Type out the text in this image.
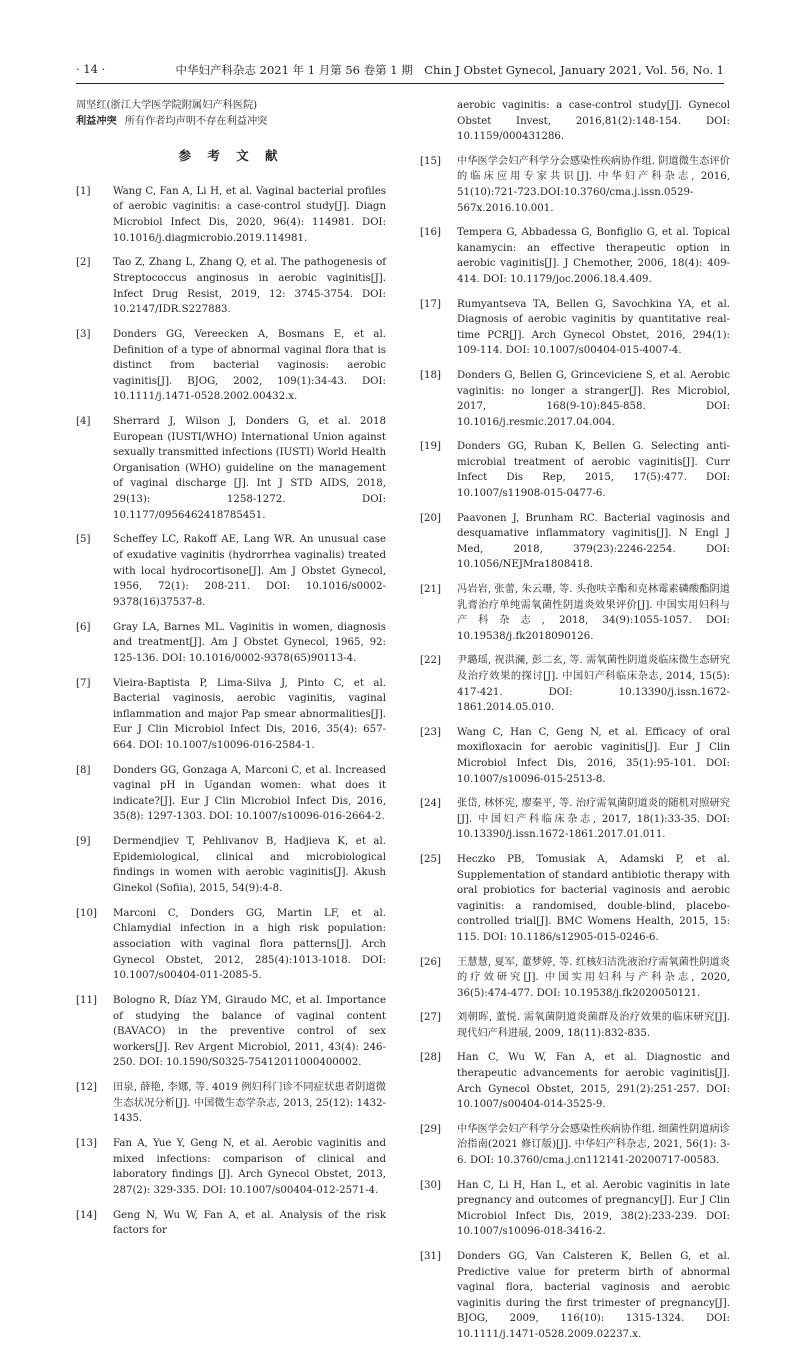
· 14 ·	中华妇产科杂志 2021 年 1 月第 56 卷第 1 期　Chin J Obstet Gynecol, January 2021, Vol. 56, No. 1

周坚红(浙江大学医学院附属妇产科医院)

利益冲突 所有作者均声明不存在利益冲突

参 考 文 献
[1] Wang C, Fan A, Li H, et al. Vaginal bacterial profiles of aerobic vaginitis: a case-control study[J]. Diagn Microbiol Infect Dis, 2020, 96(4): 114981. DOI: 10.1016/j.diagmicrobio.2019.114981.
[2] Tao Z, Zhang L, Zhang Q, et al. The pathogenesis of Streptococcus anginosus in aerobic vaginitis[J]. Infect Drug Resist, 2019, 12: 3745-3754. DOI: 10.2147/IDR.S227883.
[3] Donders GG, Vereecken A, Bosmans E, et al. Definition of a type of abnormal vaginal flora that is distinct from bacterial vaginosis: aerobic vaginitis[J]. BJOG, 2002, 109(1):34-43. DOI: 10.1111/j.1471-0528.2002.00432.x.
[4] Sherrard J, Wilson J, Donders G, et al. 2018 European (IUSTI/WHO) International Union against sexually transmitted infections (IUSTI) World Health Organisation (WHO) guideline on the management of vaginal discharge [J]. Int J STD AIDS, 2018, 29(13): 1258-1272. DOI: 10.1177/0956462418785451.
[5] Scheffey LC, Rakoff AE, Lang WR. An unusual case of exudative vaginitis (hydrorrhea vaginalis) treated with local hydrocortisone[J]. Am J Obstet Gynecol, 1956, 72(1): 208-211. DOI: 10.1016/s0002-9378(16)37537-8.
[6] Gray LA, Barnes ML. Vaginitis in women, diagnosis and treatment[J]. Am J Obstet Gynecol, 1965, 92: 125-136. DOI: 10.1016/0002-9378(65)90113-4.
[7] Vieira-Baptista P, Lima-Silva J, Pinto C, et al. Bacterial vaginosis, aerobic vaginitis, vaginal inflammation and major Pap smear abnormalities[J]. Eur J Clin Microbiol Infect Dis, 2016, 35(4): 657-664. DOI: 10.1007/s10096-016-2584-1.
[8] Donders GG, Gonzaga A, Marconi C, et al. Increased vaginal pH in Ugandan women: what does it indicate?[J]. Eur J Clin Microbiol Infect Dis, 2016, 35(8): 1297-1303. DOI: 10.1007/s10096-016-2664-2.
[9] Dermendjiev T, Pehlivanov B, Hadjieva K, et al. Epidemiological, clinical and microbiological findings in women with aerobic vaginitis[J]. Akush Ginekol (Sofiia), 2015, 54(9):4-8.
[10] Marconi C, Donders GG, Martin LF, et al. Chlamydial infection in a high risk population: association with vaginal flora patterns[J]. Arch Gynecol Obstet, 2012, 285(4):1013-1018. DOI: 10.1007/s00404-011-2085-5.
[11] Bologno R, Díaz YM, Giraudo MC, et al. Importance of studying the balance of vaginal content (BAVACO) in the preventive control of sex workers[J]. Rev Argent Microbiol, 2011, 43(4): 246-250. DOI: 10.1590/S0325-75412011000400002.
[12] 田泉, 薛艳, 李娜, 等. 4019 例妇科门诊不同症状患者阴道微生态状况分析[J]. 中国微生态学杂志, 2013, 25(12): 1432-1435.
[13] Fan A, Yue Y, Geng N, et al. Aerobic vaginitis and mixed infections: comparison of clinical and laboratory findings [J]. Arch Gynecol Obstet, 2013, 287(2): 329-335. DOI: 10.1007/s00404-012-2571-4.
[14] Geng N, Wu W, Fan A, et al. Analysis of the risk factors for

aerobic vaginitis: a case-control study[J]. Gynecol Obstet Invest, 2016,81(2):148-154. DOI: 10.1159/000431286.

[15] 中华医学会妇产科学分会感染性疾病协作组. 阴道微生态评价的临床应用专家共识[J]. 中华妇产科杂志, 2016, 51(10):721-723.DOI:10.3760/cma.j.issn.0529-567x.2016.10.001.
[16] Tempera G, Abbadessa G, Bonfiglio G, et al. Topical kanamycin: an effective therapeutic option in aerobic vaginitis[J]. J Chemother, 2006, 18(4): 409-414. DOI: 10.1179/joc.2006.18.4.409.
[17] Rumyantseva TA, Bellen G, Savochkina YA, et al. Diagnosis of aerobic vaginitis by quantitative real-time PCR[J]. Arch Gynecol Obstet, 2016, 294(1): 109-114. DOI: 10.1007/s00404-015-4007-4.
[18] Donders G, Bellen G, Grinceviciene S, et al. Aerobic vaginitis: no longer a stranger[J]. Res Microbiol, 2017, 168(9-10):845-858. DOI: 10.1016/j.resmic.2017.04.004.
[19] Donders GG, Ruban K, Bellen G. Selecting anti-microbial treatment of aerobic vaginitis[J]. Curr Infect Dis Rep, 2015, 17(5):477. DOI: 10.1007/s11908-015-0477-6.
[20] Paavonen J, Brunham RC. Bacterial vaginosis and desquamative inflammatory vaginitis[J]. N Engl J Med, 2018, 379(23):2246-2254. DOI: 10.1056/NEJMra1808418.
[21] 冯岩岩, 张蕾, 朱云珊, 等. 头孢呋辛酯和克林霉素磷酸酯阴道乳膏治疗单纯需氧菌性阴道炎效果评价[J]. 中国实用妇科与产科杂志, 2018, 34(9):1055-1057. DOI: 10.19538/j.fk2018090126.
[22] 尹璐瑶, 祝洪澜, 彭二玄, 等. 需氧菌性阴道炎临床微生态研究及治疗效果的探讨[J]. 中国妇产科临床杂志, 2014, 15(5): 417-421. DOI: 10.13390/j.issn.1672-1861.2014.05.010.
[23] Wang C, Han C, Geng N, et al. Efficacy of oral moxifloxacin for aerobic vaginitis[J]. Eur J Clin Microbiol Infect Dis, 2016, 35(1):95-101. DOI: 10.1007/s10096-015-2513-8.
[24] 张岱, 林怀宪, 廖秦平, 等. 治疗需氧菌阴道炎的随机对照研究[J]. 中国妇产科临床杂志, 2017, 18(1):33-35. DOI: 10.13390/j.issn.1672-1861.2017.01.011.
[25] Heczko PB, Tomusiak A, Adamski P, et al. Supplementation of standard antibiotic therapy with oral probiotics for bacterial vaginosis and aerobic vaginitis: a randomised, double-blind, placebo-controlled trial[J]. BMC Womens Health, 2015, 15: 115. DOI: 10.1186/s12905-015-0246-6.
[26] 王慧慧, 夏军, 董梦婷, 等. 红核妇洁洗液治疗需氧菌性阴道炎的疗效研究[J]. 中国实用妇科与产科杂志, 2020, 36(5):474-477. DOI: 10.19538/j.fk2020050121.
[27] 刘朝晖, 董悦. 需氧菌阴道炎菌群及治疗效果的临床研究[J]. 现代妇产科进展, 2009, 18(11):832-835.
[28] Han C, Wu W, Fan A, et al. Diagnostic and therapeutic advancements for aerobic vaginitis[J]. Arch Gynecol Obstet, 2015, 291(2):251-257. DOI: 10.1007/s00404-014-3525-9.
[29] 中华医学会妇产科学分会感染性疾病协作组. 细菌性阴道病诊治指南(2021 修订版)[J]. 中华妇产科杂志, 2021, 56(1): 3-6. DOI: 10.3760/cma.j.cn112141-20200717-00583.
[30] Han C, Li H, Han L, et al. Aerobic vaginitis in late pregnancy and outcomes of pregnancy[J]. Eur J Clin Microbiol Infect Dis, 2019, 38(2):233-239. DOI: 10.1007/s10096-018-3416-2.
[31] Donders GG, Van Calsteren K, Bellen G, et al. Predictive value for preterm birth of abnormal vaginal flora, bacterial vaginosis and aerobic vaginitis during the first trimester of pregnancy[J]. BJOG, 2009, 116(10): 1315-1324. DOI: 10.1111/j.1471-0528.2009.02237.x.
